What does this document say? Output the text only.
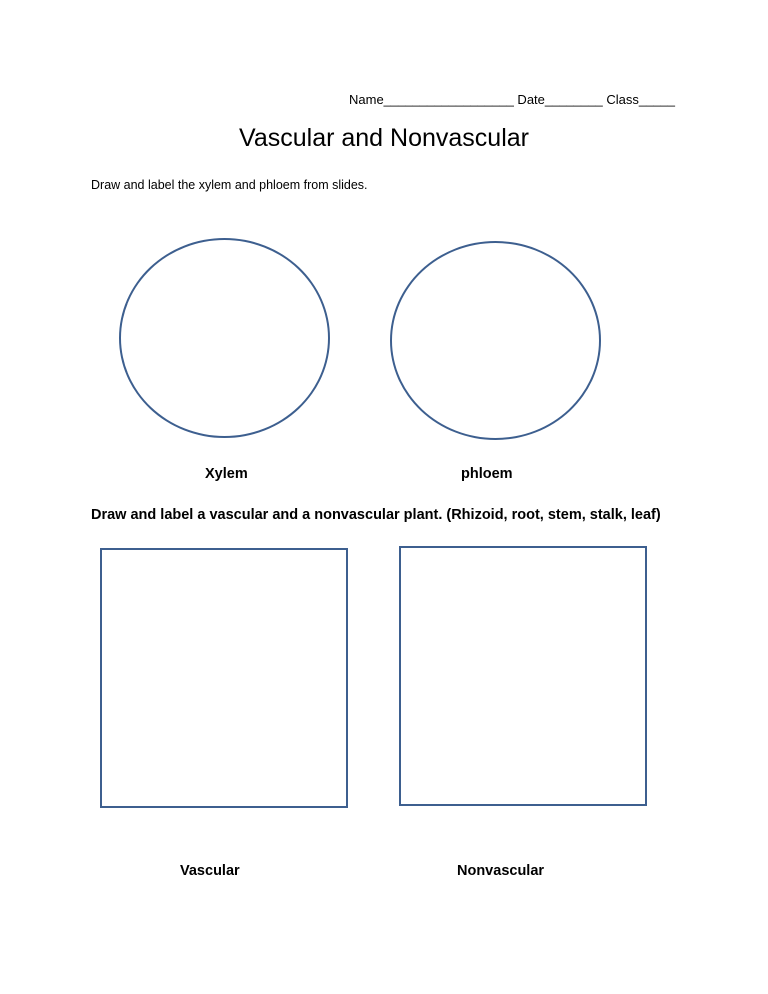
Name__________________ Date________ Class_____
Vascular and Nonvascular
Draw and label the xylem and phloem from slides.
Xylem	phloem
Draw and label a vascular and a nonvascular plant. (Rhizoid, root, stem, stalk, leaf)
Vascular	Nonvascular
